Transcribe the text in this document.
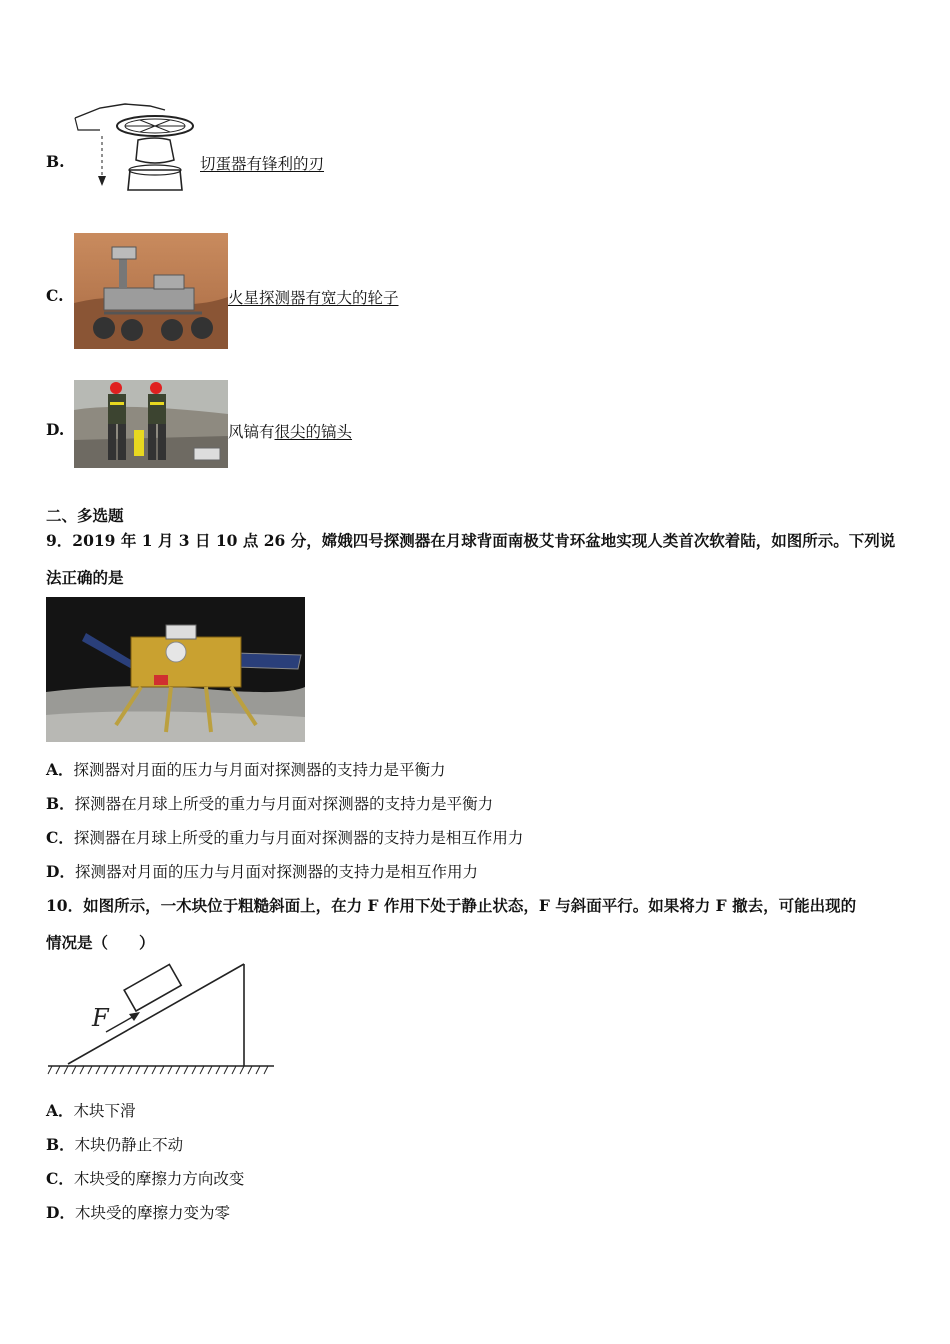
B.	切蛋器有锋利的刃
C.	火星探测器有宽大的轮子
D.	风镐有很尖的镐头
二、多选题
9．2019 年 1 月 3 日 10 点 26 分，嫦娥四号探测器在月球背面南极艾肯环盆地实现人类首次软着陆，如图所示。下列说
法正确的是
A．探测器对月面的压力与月面对探测器的支持力是平衡力
B．探测器在月球上所受的重力与月面对探测器的支持力是平衡力
C．探测器在月球上所受的重力与月面对探测器的支持力是相互作用力
D．探测器对月面的压力与月面对探测器的支持力是相互作用力
10．如图所示，一木块位于粗糙斜面上，在力 F 作用下处于静止状态，F 与斜面平行。如果将力 F 撤去，可能出现的
情况是（　　）
F
A．木块下滑
B．木块仍静止不动
C．木块受的摩擦力方向改变
D．木块受的摩擦力变为零
